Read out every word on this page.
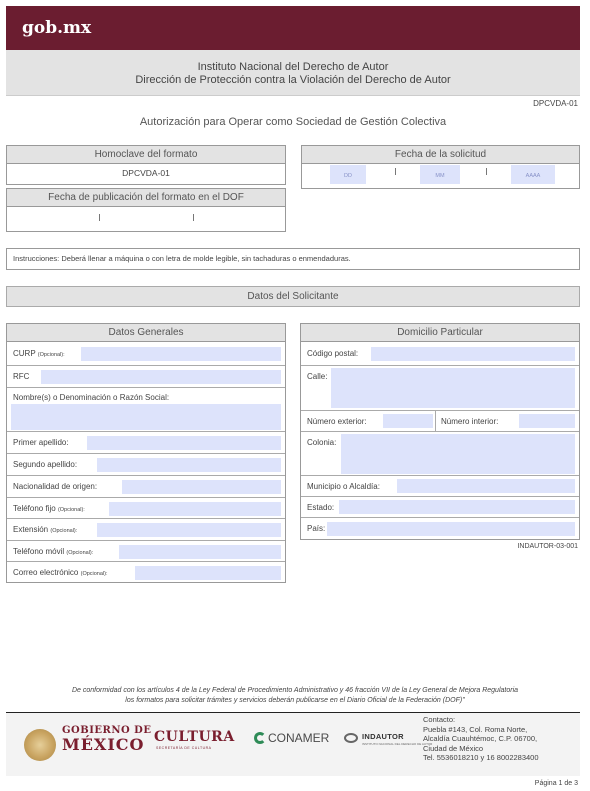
gob.mx
Instituto Nacional del Derecho de Autor
Dirección de Protección contra la Violación del Derecho de Autor
DPCVDA-01
Autorización para Operar como Sociedad de Gestión Colectiva
Homoclave del formato
DPCVDA-01
Fecha de publicación del formato en el DOF
Fecha de la solicitud
DD	MM	AAAA
Instrucciones: Deberá llenar a máquina o con letra de molde legible, sin tachaduras o enmendaduras.
Datos del Solicitante
Datos Generales
CURP (Opcional):
RFC
Nombre(s) o Denominación o Razón Social:
Primer apellido:
Segundo apellido:
Nacionalidad de origen:
Teléfono fijo (Opcional):
Extensión (Opcional):
Teléfono móvil (Opcional):
Correo electrónico (Opcional):
Domicilio Particular
Código postal:
Calle:
Número exterior:	Número interior:
Colonia:
Municipio o Alcaldía:
Estado:
País:
INDAUTOR-03-001
De conformidad con los artículos 4 de la Ley Federal de Procedimiento Administrativo y 46 fracción VII de la Ley General de Mejora Regulatoria
los formatos para solicitar trámites y servicios deberán publicarse en el Diario Oficial de la Federación (DOF)"
GOBIERNO DE
MÉXICO CULTURA
SECRETARÍA DE CULTURA
CONAMER	INDAUTOR
INSTITUTO NACIONAL DEL DERECHO DE AUTOR
Contacto:
Puebla #143, Col. Roma Norte,
Alcaldía Cuauhtémoc, C.P. 06700,
Ciudad de México
Tel. 5536018210 y 16 8002283400
Página 1 de 3
